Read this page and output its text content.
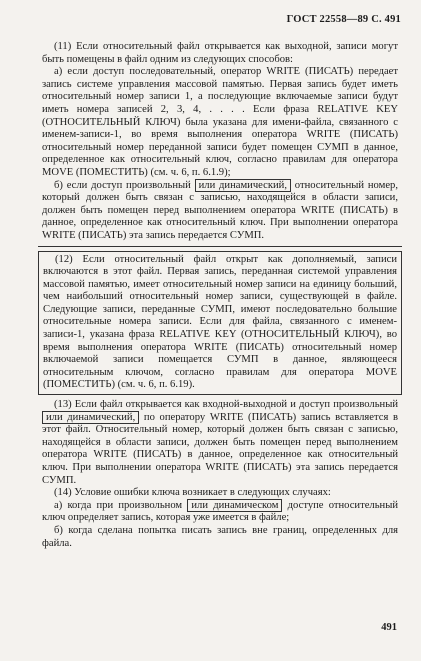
ГОСТ 22558—89 С. 491

(11) Если относительный файл открывается как выходной, записи могут быть помещены в файл одним из следующих способов:

а) если доступ последовательный, оператор WRITE (ПИСАТЬ) передает запись системе управления массовой памятью. Первая запись будет иметь относительный номер записи 1, а последующие включаемые записи будут иметь номера записей 2, 3, 4, . . . . Если фраза RELATIVE KEY (ОТНОСИТЕЛЬНЫЙ КЛЮЧ) была указана для имени-файла, связанного с именем-записи-1, во время выполнения оператора WRITE (ПИСАТЬ) относительный номер переданной записи будет помещен СУМП в данное, определенное как относительный ключ, согласно правилам для оператора MOVE (ПОМЕСТИТЬ) (см. ч. 6, п. 6.1.9);

б) если доступ произвольный или динамический, относительный номер, который должен быть связан с записью, находящейся в области записи, должен быть помещен перед выполнением оператора WRITE (ПИСАТЬ) в данное, определенное как относительный ключ. При выполнении оператора WRITE (ПИСАТЬ) эта запись передается СУМП.

(12) Если относительный файл открыт как дополняемый, записи включаются в этот файл. Первая запись, переданная системой управления массовой памятью, имеет относительный номер записи на единицу больший, чем наибольший относительный номер записи, существующей в файле. Следующие записи, переданные СУМП, имеют последовательно большие относительные номера записи. Если для файла, связанного с именем-записи-1, указана фраза RELATIVE KEY (ОТНОСИТЕЛЬНЫЙ КЛЮЧ), во время выполнения оператора WRITE (ПИСАТЬ) относительный номер включаемой записи помещается СУМП в данное, являющееся относительным ключом, согласно правилам для оператора MOVE (ПОМЕСТИТЬ) (см. ч. 6, п. 6.19).

(13) Если файл открывается как входной-выходной и доступ произвольный или динамический, по оператору WRITE (ПИСАТЬ) запись вставляется в этот файл. Относительный номер, который должен быть связан с записью, находящейся в области записи, должен быть помещен перед выполнением оператора WRITE (ПИСАТЬ) в данное, определенное как относительный ключ. При выполнении оператора WRITE (ПИСАТЬ) эта запись передается СУМП.

(14) Условие ошибки ключа возникает в следующих случаях:

а) когда при произвольном или динамическом доступе относительный ключ определяет запись, которая уже имеется в файле;

б) когда сделана попытка писать запись вне границ, определенных для файла.

491
